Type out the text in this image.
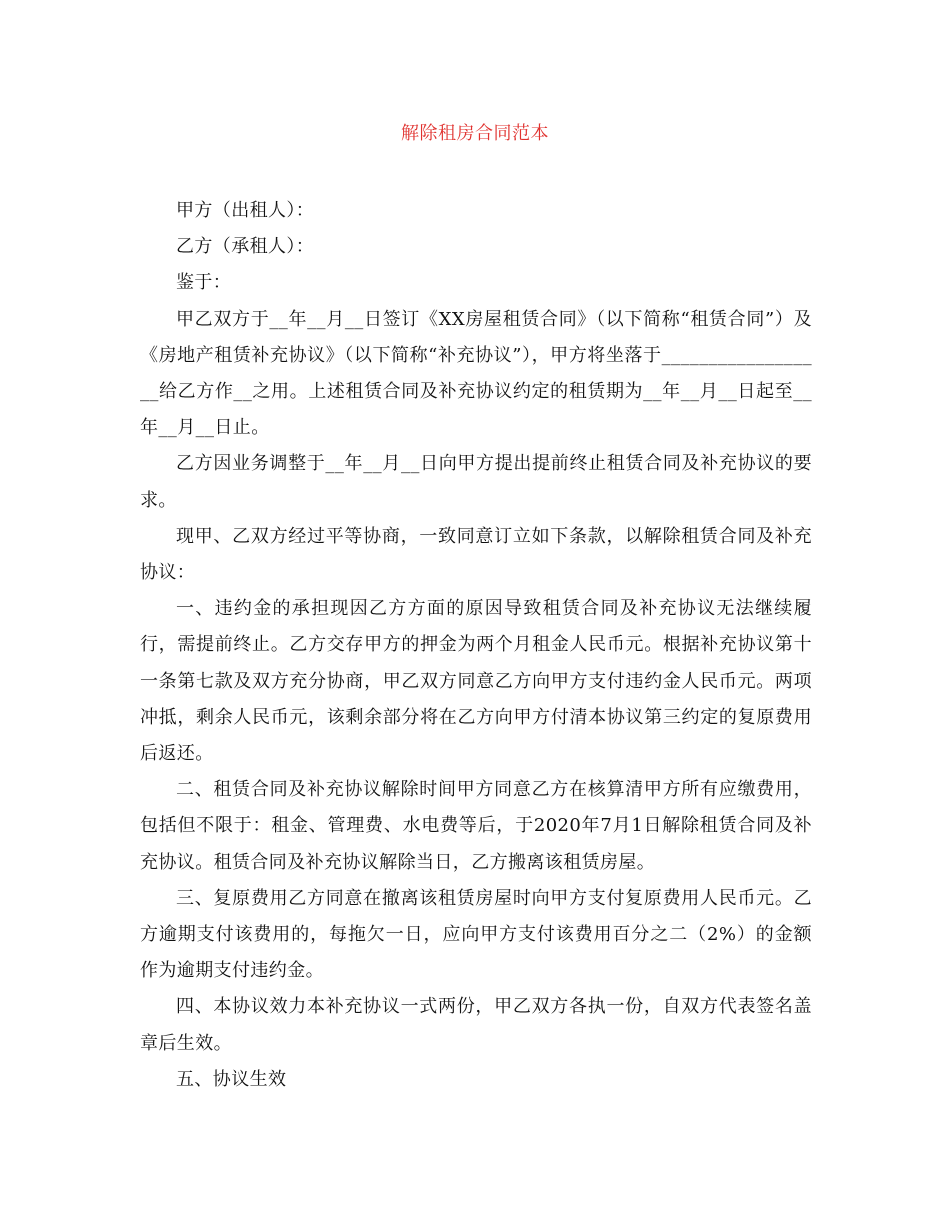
解除租房合同范本

甲方（出租人）：

乙方（承租人）：

鉴于：

甲乙双方于__年__月__日签订《XX房屋租赁合同》（以下简称“租赁合同”）及《房地产租赁补充协议》（以下简称“补充协议”），甲方将坐落于__________________给乙方作__之用。上述租赁合同及补充协议约定的租赁期为__年__月__日起至__年__月__日止。

乙方因业务调整于__年__月__日向甲方提出提前终止租赁合同及补充协议的要求。

现甲、乙双方经过平等协商，一致同意订立如下条款，以解除租赁合同及补充协议：

一、违约金的承担现因乙方方面的原因导致租赁合同及补充协议无法继续履行，需提前终止。乙方交存甲方的押金为两个月租金人民币元。根据补充协议第十一条第七款及双方充分协商，甲乙双方同意乙方向甲方支付违约金人民币元。两项冲抵，剩余人民币元，该剩余部分将在乙方向甲方付清本协议第三约定的复原费用后返还。

二、租赁合同及补充协议解除时间甲方同意乙方在核算清甲方所有应缴费用，包括但不限于：租金、管理费、水电费等后，于2020年7月1日解除租赁合同及补充协议。租赁合同及补充协议解除当日，乙方搬离该租赁房屋。

三、复原费用乙方同意在撤离该租赁房屋时向甲方支付复原费用人民币元。乙方逾期支付该费用的，每拖欠一日，应向甲方支付该费用百分之二（2%）的金额作为逾期支付违约金。

四、本协议效力本补充协议一式两份，甲乙双方各执一份，自双方代表签名盖章后生效。

五、协议生效
